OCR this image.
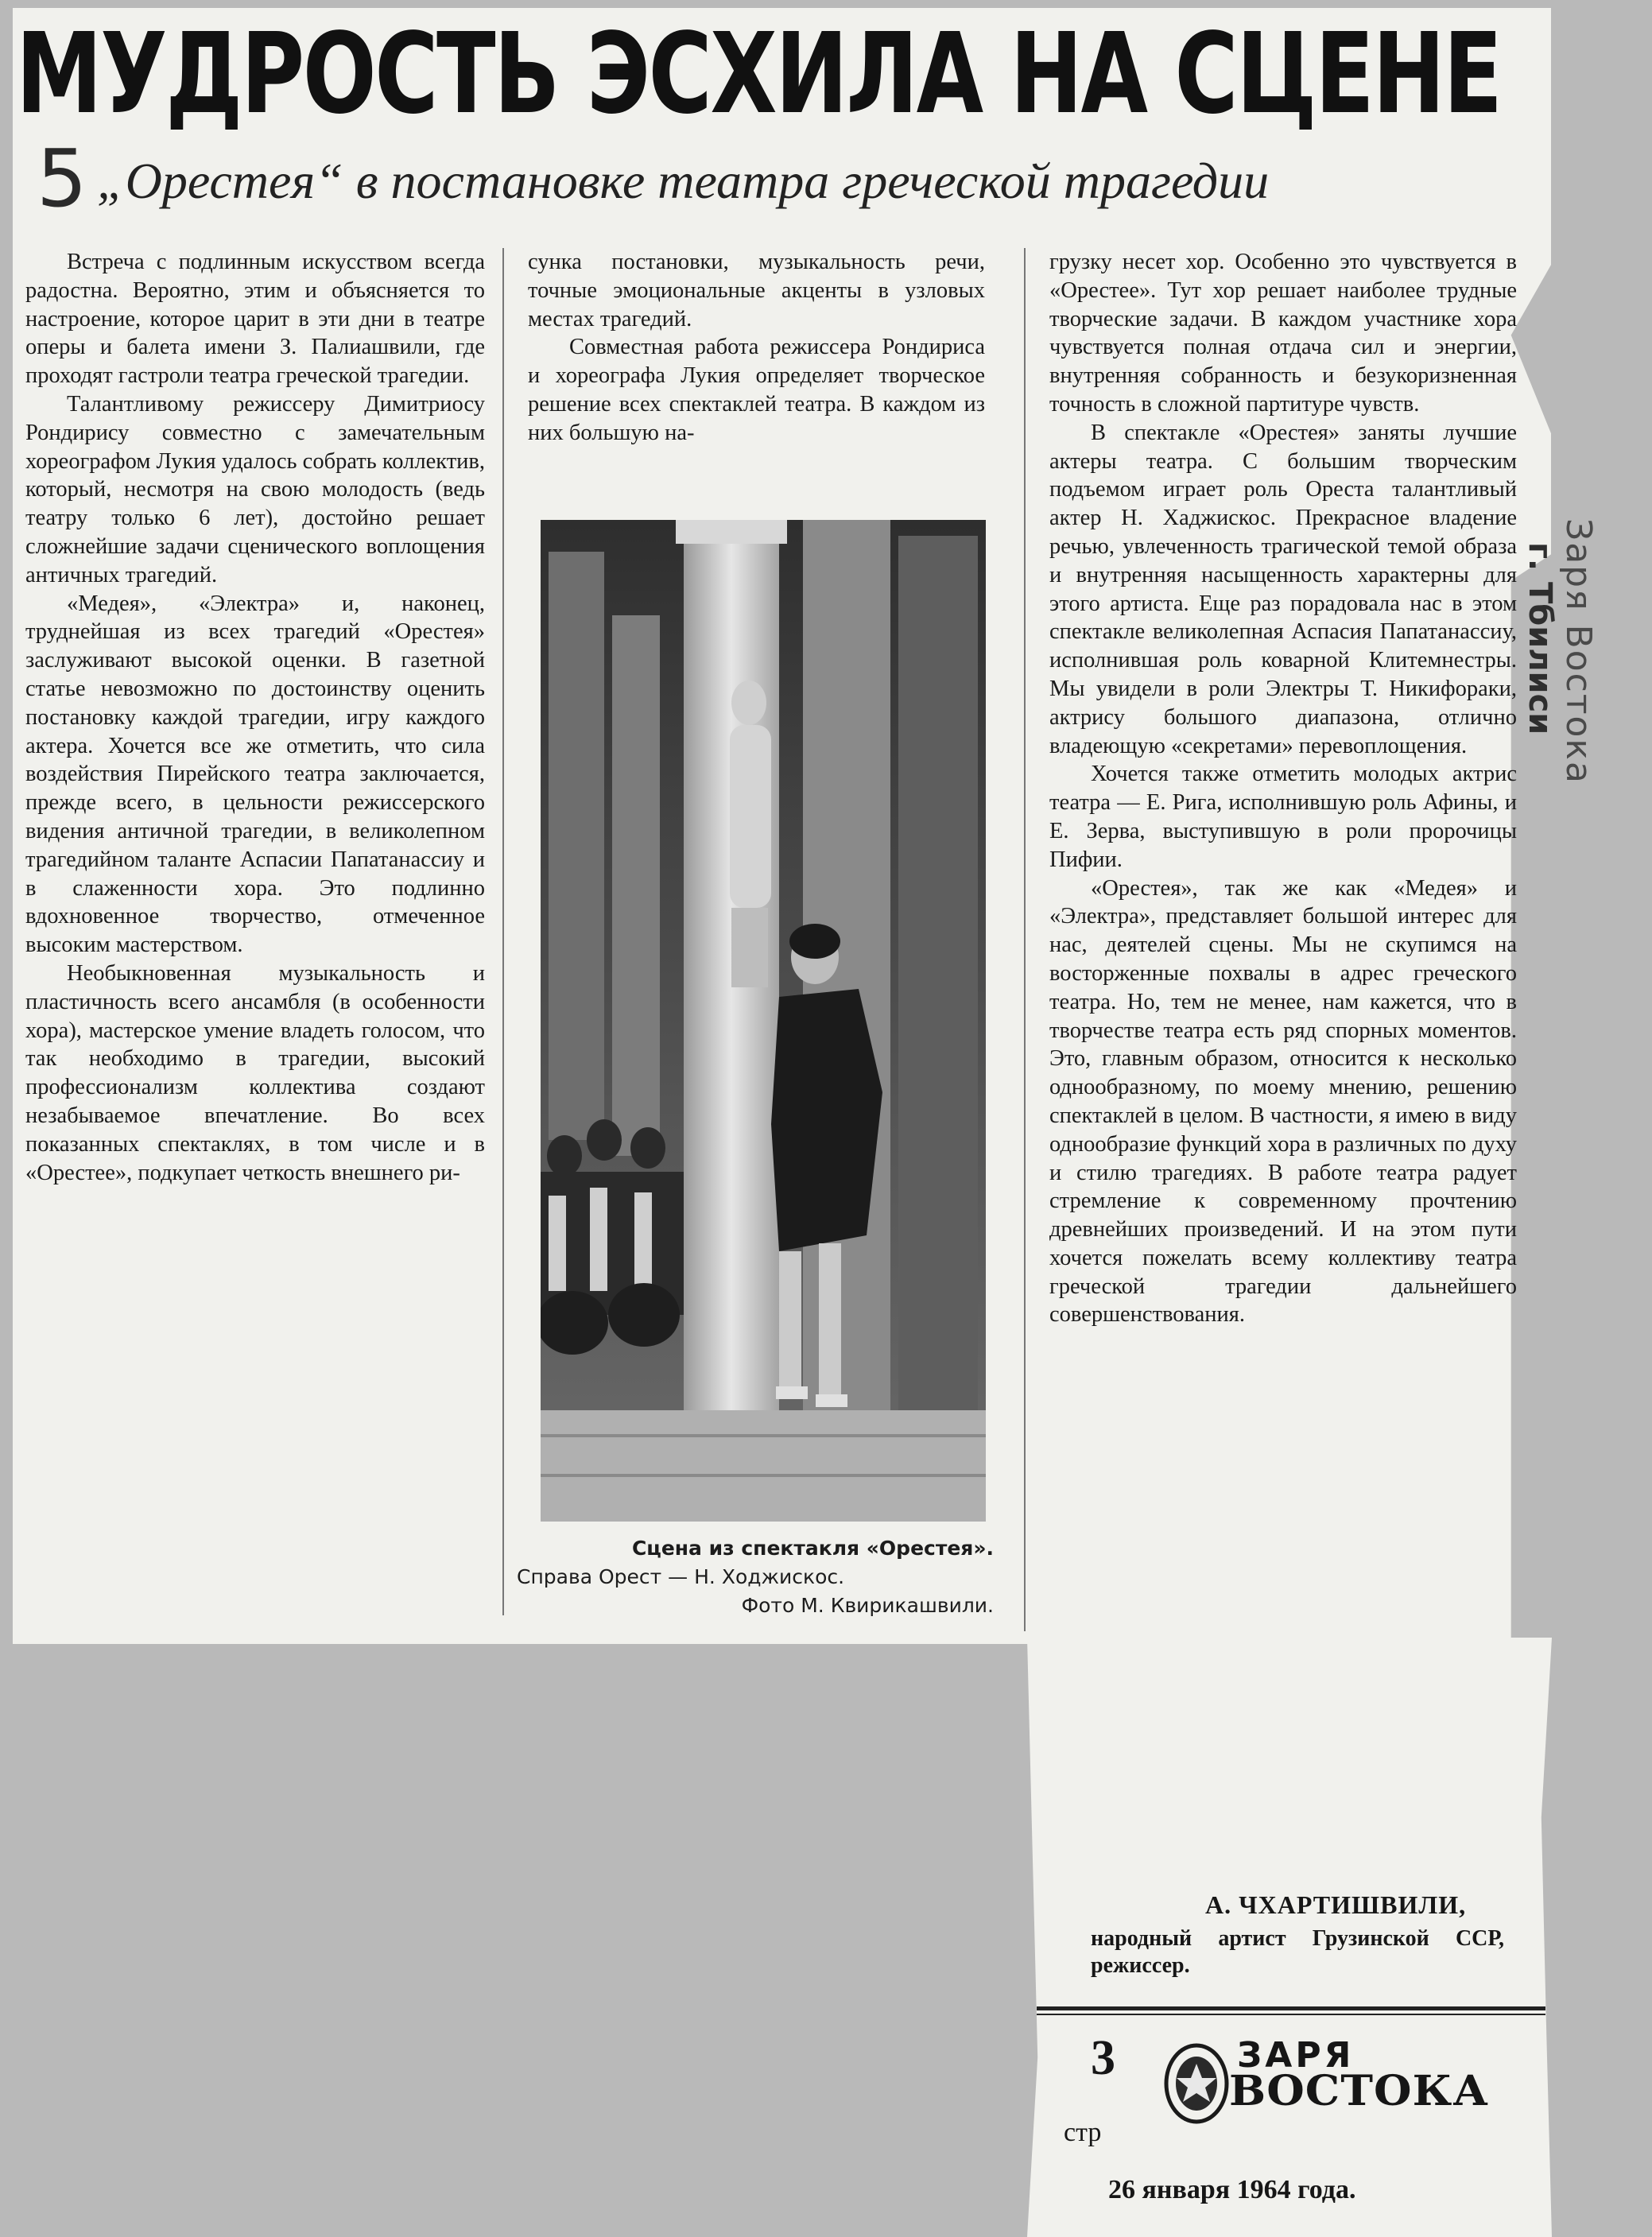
МУДРОСТЬ ЭСХИЛА НА СЦЕНЕ
5 „Орестея“ в постановке театра греческой трагедии

Встреча с подлинным искусством всегда радостна. Вероятно, этим и объясняется то настроение, которое царит в эти дни в театре оперы и балета имени З. Палиашвили, где проходят гастроли театра греческой трагедии.

Талантливому режиссеру Димитриосу Рондирису совместно с замечательным хореографом Лукия удалось собрать коллектив, который, несмотря на свою молодость (ведь театру только 6 лет), достойно решает сложнейшие задачи сценического воплощения античных трагедий.

«Медея», «Электра» и, наконец, труднейшая из всех трагедий «Орестея» заслуживают высокой оценки. В газетной статье невозможно по достоинству оценить постановку каждой трагедии, игру каждого актера. Хочется все же отметить, что сила воздействия Пирейского театра заключается, прежде всего, в цельности режиссерского видения античной трагедии, в великолепном трагедийном таланте Аспасии Папатанассиу и в слаженности хора. Это подлинно вдохновенное творчество, отмеченное высоким мастерством.

Необыкновенная музыкальность и пластичность всего ансамбля (в особенности хора), мастерское умение владеть голосом, что так необходимо в трагедии, высокий профессионализм коллектива создают незабываемое впечатление. Во всех показанных спектаклях, в том числе и в «Орестее», подкупает четкость внешнего ри-

сунка постановки, музыкальность речи, точные эмоциональные акценты в узловых местах трагедий.

Совместная работа режиссера Рондириса и хореографа Лукия определяет творческое решение всех спектаклей театра. В каждом из них большую на-

Сцена из спектакля «Орестея».
Справа Орест — Н. Ходжискос.
Фото М. Квирикашвили.

грузку несет хор. Особенно это чувствуется в «Орестее». Тут хор решает наиболее трудные творческие задачи. В каждом участнике хора чувствуется полная отдача сил и энергии, внутренняя собранность и безукоризненная точность в сложной партитуре чувств.

В спектакле «Орестея» заняты лучшие актеры театра. С большим творческим подъемом играет роль Ореста талантливый актер Н. Хаджискос. Прекрасное владение речью, увлеченность трагической темой образа и внутренняя насыщенность характерны для этого артиста. Еще раз порадовала нас в этом спектакле великолепная Аспасия Папатанассиу, исполнившая роль коварной Клитемнестры. Мы увидели в роли Электры Т. Никифораки, актрису большого диапазона, отлично владеющую «секретами» перевоплощения.

Хочется также отметить молодых актрис театра — Е. Рига, исполнившую роль Афины, и Е. Зерва, выступившую в роли пророчицы Пифии.

«Орестея», так же как «Медея» и «Электра», представляет большой интерес для нас, деятелей сцены. Мы не скупимся на восторженные похвалы в адрес греческого театра. Но, тем не менее, нам кажется, что в творчестве театра есть ряд спорных моментов. Это, главным образом, относится к несколько однообразному, по моему мнению, решению спектаклей в целом. В частности, я имею в виду однообразие функций хора в различных по духу и стилю трагедиях. В работе театра радует стремление к современному прочтению древнейших произведений. И на этом пути хочется пожелать всему коллективу театра греческой трагедии дальнейшего совершенствования.

А. ЧХАРТИШВИЛИ,
народный артист Грузинской ССР, режиссер.
3
стр
ЗАРЯ
ВОСТОКА
26 января 1964 года.
Заря Востока
г. Тбилиси
